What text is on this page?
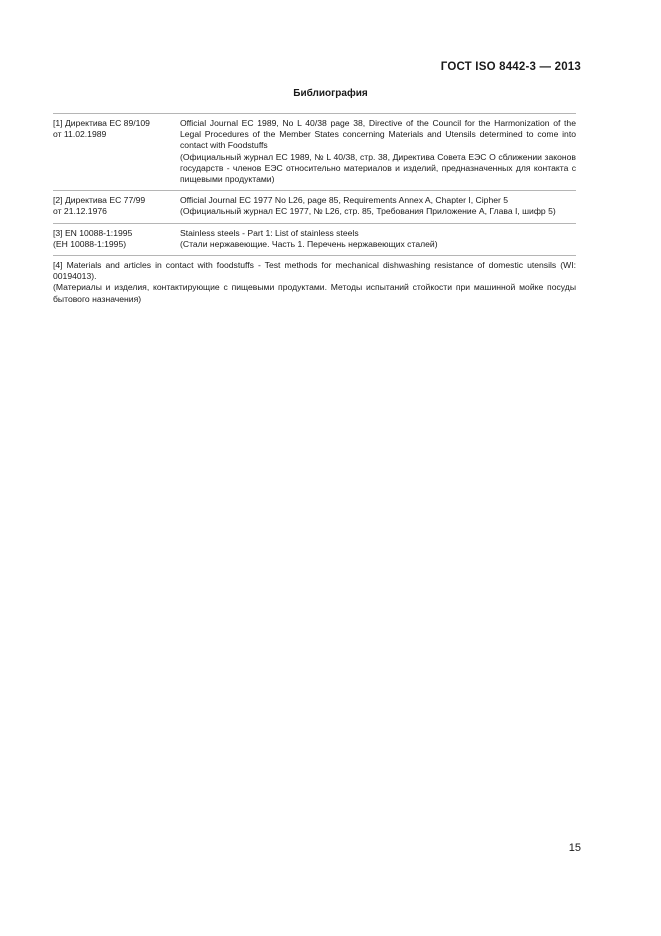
ГОСТ ISO 8442-3 — 2013
Библиография
[1] Директива ЕС 89/109
от 11.02.1989
Official Journal EC 1989, No L 40/38 page 38, Directive of the Council for the Harmonization of the Legal Procedures of the Member States concerning Materials and Utensils determined to come into contact with Foodstuffs
(Официальный журнал ЕС 1989, № L 40/38, стр. 38, Директива Совета ЕЭС О сближении законов государств - членов ЕЭС относительно материалов и изделий, предназначенных для контакта с пищевыми продуктами)
[2] Директива ЕС 77/99
от 21.12.1976
Official Journal EC 1977 No L26, page 85, Requirements Annex A, Chapter I, Cipher 5
(Официальный журнал ЕС 1977, № L26, стр. 85, Требования Приложение А, Глава I, шифр 5)
[3] EN 10088-1:1995
(ЕН 10088-1:1995)
Stainless steels - Part 1: List of stainless steels
(Стали нержавеющие. Часть 1. Перечень нержавеющих сталей)
[4] Materials and articles in contact with foodstuffs - Test methods for mechanical dishwashing resistance of domestic utensils (WI: 00194013).
(Материалы и изделия, контактирующие с пищевыми продуктами. Методы испытаний стойкости при машинной мойке посуды бытового назначения)
15
